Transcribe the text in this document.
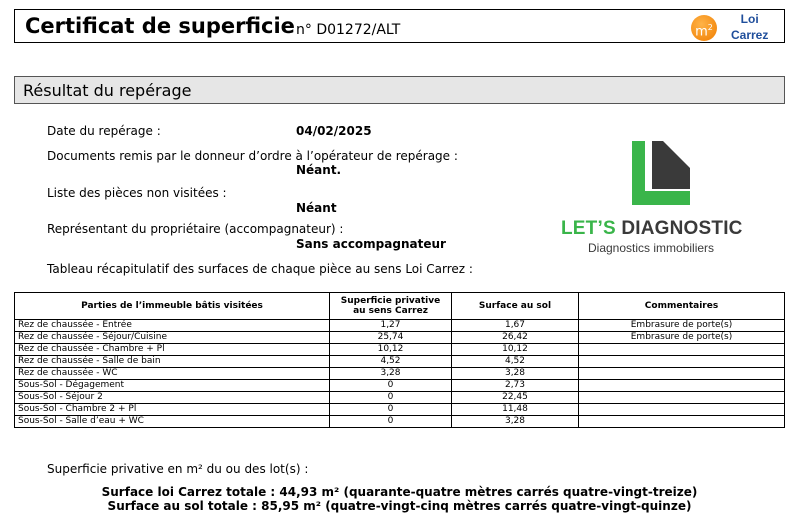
Certificat de superficie n° D01272/ALT	$m^2$
Loi
Carrez
Résultat du repérage
Date du repérage :	04/02/2025
Documents remis par le donneur d’ordre à l’opérateur de repérage :
Néant.
Liste des pièces non visitées :
Néant
Représentant du propriétaire (accompagnateur) :
Sans accompagnateur
Tableau récapitulatif des surfaces de chaque pièce au sens Loi Carrez :
LET’S DIAGNOSTIC
Diagnostics immobiliers
Parties de l’immeuble bâtis visitées	Superficie privative au sens Carrez	Surface au sol	Commentaires
Rez de chaussée - Entrée	1,27	1,67	Embrasure de porte(s)
Rez de chaussée - Séjour/Cuisine	25,74	26,42	Embrasure de porte(s)
Rez de chaussée - Chambre + Pl	10,12	10,12	
Rez de chaussée - Salle de bain	4,52	4,52	
Rez de chaussée - WC	3,28	3,28	
Sous-Sol - Dégagement	0	2,73	
Sous-Sol - Séjour 2	0	22,45	
Sous-Sol - Chambre 2 + Pl	0	11,48	
Sous-Sol - Salle d’eau + WC	0	3,28	
Superficie privative en m² du ou des lot(s) :
Surface loi Carrez totale : 44,93 m² (quarante-quatre mètres carrés quatre-vingt-treize)
Surface au sol totale : 85,95 m² (quatre-vingt-cinq mètres carrés quatre-vingt-quinze)
